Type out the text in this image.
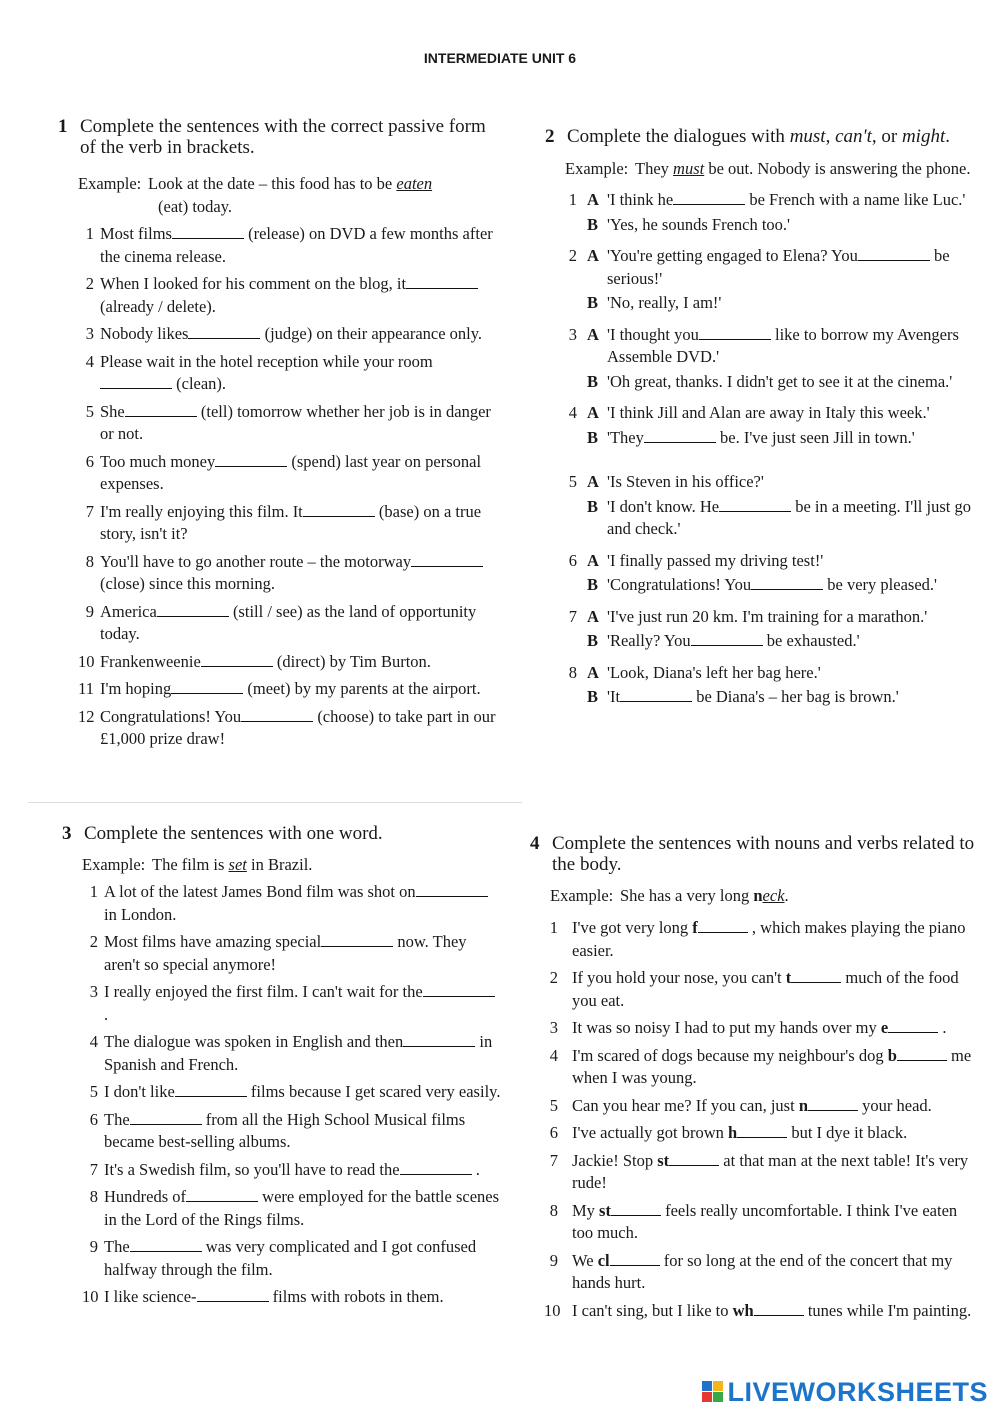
INTERMEDIATE UNIT 6
1 Complete the sentences with the correct passive form of the verb in brackets.
Example: Look at the date – this food has to be eaten
(eat) today.
1 Most films	(release) on DVD a few months after the cinema release.
2 When I looked for his comment on the blog, it (already / delete).
3 Nobody likes	(judge) on their appearance only.
4 Please wait in the hotel reception while your room (clean).
5 She	(tell) tomorrow whether her job is in danger or not.
6 Too much money	(spend) last year on personal expenses.
7 I'm really enjoying this film. It	(base) on a true story, isn't it?
8 You'll have to go another route – the motorway (close) since this morning.
9 America	(still / see) as the land of opportunity today.
10 Frankenweenie	(direct) by Tim Burton.
11 I'm hoping	(meet) by my parents at the airport.
12 Congratulations! You	(choose) to take part in our £1,000 prize draw!
2 Complete the dialogues with must, can't, or might.
Example: They must be out. Nobody is answering the phone.
1 A 'I think he	be French with a name like Luc.'
B 'Yes, he sounds French too.'
2 A 'You're getting engaged to Elena? You	be serious!'
B 'No, really, I am!'
3 A 'I thought you	like to borrow my Avengers Assemble DVD.'
B 'Oh great, thanks. I didn't get to see it at the cinema.'
4 A 'I think Jill and Alan are away in Italy this week.'
B 'They	be. I've just seen Jill in town.'
5 A 'Is Steven in his office?'
B 'I don't know. He	be in a meeting. I'll just go and check.'
6 A 'I finally passed my driving test!'
B 'Congratulations! You	be very pleased.'
7 A 'I've just run 20 km. I'm training for a marathon.'
B 'Really? You	be exhausted.'
8 A 'Look, Diana's left her bag here.'
B 'It	be Diana's – her bag is brown.'
3 Complete the sentences with one word.
Example: The film is set in Brazil.
1 A lot of the latest James Bond film was shot on in London.
2 Most films have amazing special	now. They aren't so special anymore!
3 I really enjoyed the first film. I can't wait for the .
4 The dialogue was spoken in English and then	in Spanish and French.
5 I don't like	films because I get scared very easily.
6 The	from all the High School Musical films became best-selling albums.
7 It's a Swedish film, so you'll have to read the	.
8 Hundreds of	were employed for the battle scenes in the Lord of the Rings films.
9 The	was very complicated and I got confused halfway through the film.
10 I like science-	films with robots in them.
4 Complete the sentences with nouns and verbs related to the body.
Example: She has a very long neck.
1 I've got very long f	, which makes playing the piano easier.
2 If you hold your nose, you can't t	much of the food you eat.
3 It was so noisy I had to put my hands over my e	.
4 I'm scared of dogs because my neighbour's dog b	me when I was young.
5 Can you hear me? If you can, just n	your head.
6 I've actually got brown h	but I dye it black.
7 Jackie! Stop st	at that man at the next table! It's very rude!
8 My st	feels really uncomfortable. I think I've eaten too much.
9 We cl	for so long at the end of the concert that my hands hurt.
10 I can't sing, but I like to wh	tunes while I'm painting.
LIVEWORKSHEETS
